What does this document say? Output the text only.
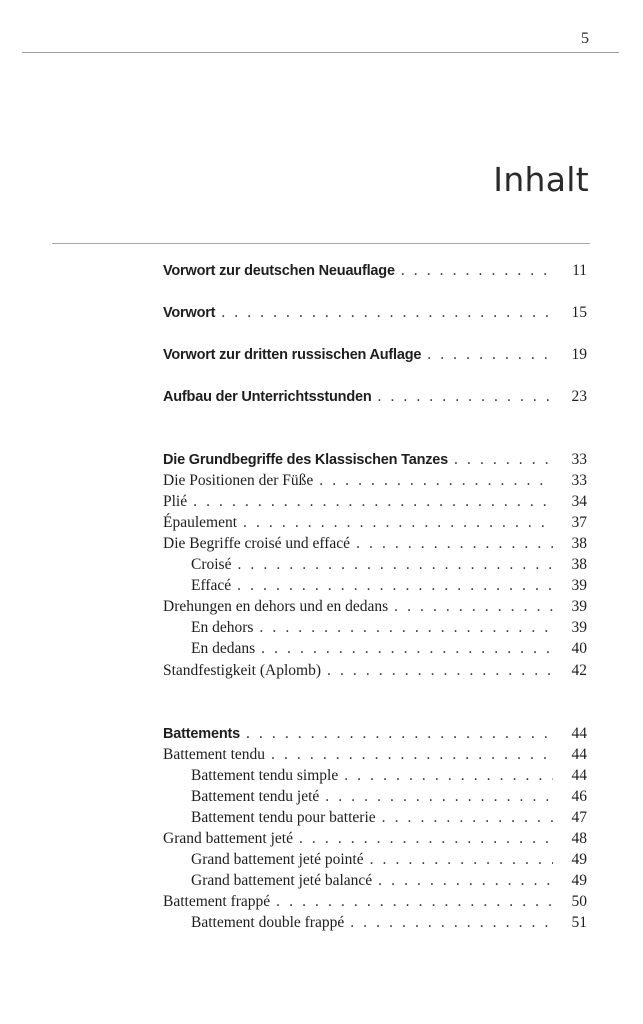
5
Inhalt
Vorwort zur deutschen Neuauflage . . .	11
Vorwort . . .	15
Vorwort zur dritten russischen Auflage . . .	19
Aufbau der Unterrichtsstunden . . .	23
Die Grundbegriffe des Klassischen Tanzes . . .	33
Die Positionen der Füße . . .	33
Plié . . .	34
Épaulement . . .	37
Die Begriffe croisé und effacé . . .	38
Croisé . . .	38
Effacé . . .	39
Drehungen en dehors und en dedans . . .	39
En dehors . . .	39
En dedans . . .	40
Standfestigkeit (Aplomb) . . .	42
Battements . . .	44
Battement tendu . . .	44
Battement tendu simple . . .	44
Battement tendu jeté . . .	46
Battement tendu pour batterie . . .	47
Grand battement jeté . . .	48
Grand battement jeté pointé . . .	49
Grand battement jeté balancé . . .	49
Battement frappé . . .	50
Battement double frappé . . .	51
